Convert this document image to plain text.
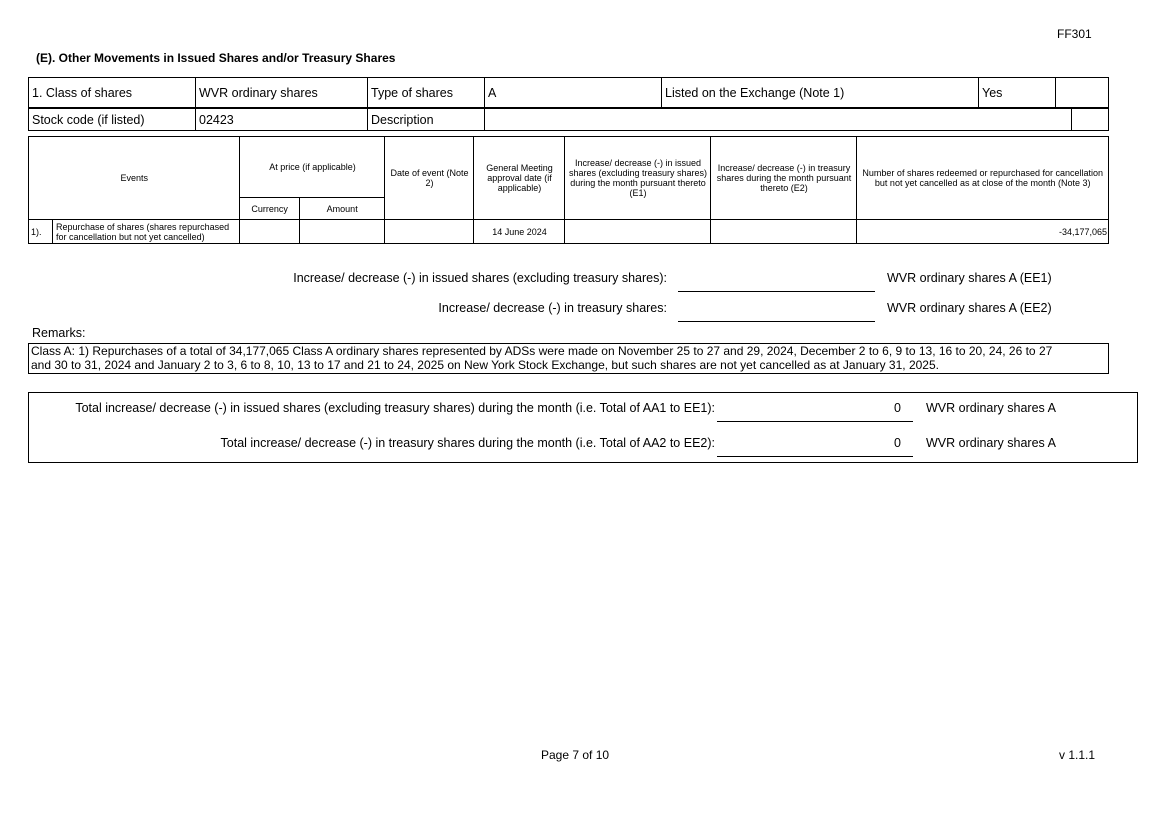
FF301
(E). Other Movements in Issued Shares and/or Treasury Shares
1. Class of shares	WVR ordinary shares	Type of shares	A	Listed on the Exchange (Note 1)	Yes	
Stock code (if listed)	02423	Description		
Events		At price (if applicable)		Date of event (Note 2)	General Meeting approval date (if applicable)	Increase/ decrease (-) in issued shares (excluding treasury shares) during the month pursuant thereto (E1)	Increase/ decrease (-) in treasury shares during the month pursuant thereto (E2)	Number of shares redeemed or repurchased for cancellation but not yet cancelled as at close of the month (Note 3)
		Currency	Amount					
1).	Repurchase of shares (shares repurchased for cancellation but not yet cancelled)				14 June 2024			-34,177,065
Increase/ decrease (-) in issued shares (excluding treasury shares):	WVR ordinary shares A (EE1)
Increase/ decrease (-) in treasury shares:	WVR ordinary shares A (EE2)
Remarks:
Class A: 1) Repurchases of a total of 34,177,065 Class A ordinary shares represented by ADSs were made on November 25 to 27 and 29, 2024, December 2 to 6, 9 to 13, 16 to 20, 24, 26 to 27
and 30 to 31, 2024 and January 2 to 3, 6 to 8, 10, 13 to 17 and 21 to 24, 2025 on New York Stock Exchange, but such shares are not yet cancelled as at January 31, 2025.
Total increase/ decrease (-) in issued shares (excluding treasury shares) during the month (i.e. Total of AA1 to EE1):	0	WVR ordinary shares A
Total increase/ decrease (-) in treasury shares during the month (i.e. Total of AA2 to EE2):	0	WVR ordinary shares A
Page 7 of 10	v 1.1.1
